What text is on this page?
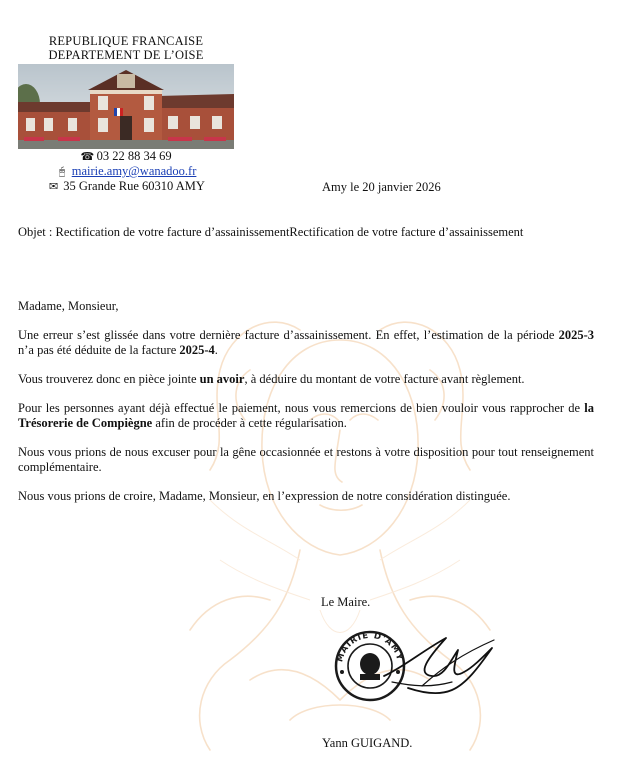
REPUBLIQUE FRANCAISE
DEPARTEMENT DE L’OISE
☎ 03 22 88 34 69
🖰 mairie.amy@wanadoo.fr
✉ 35 Grande Rue 60310 AMY	Amy le 20 janvier 2026
Objet : Rectification de votre facture d’assainissementRectification de votre facture d’assainissement

Madame, Monsieur,

Une erreur s’est glissée dans votre dernière facture d’assainissement. En effet, l’estimation de la période 2025-3 n’a pas été déduite de la facture 2025-4.

Vous trouverez donc en pièce jointe un avoir, à déduire du montant de votre facture avant règlement.

Pour les personnes ayant déjà effectué le paiement, nous vous remercions de bien vouloir vous rapprocher de la Trésorerie de Compiègne afin de procéder à cette régularisation.

Nous vous prions de nous excuser pour la gêne occasionnée et restons à votre disposition pour tout renseignement complémentaire.

Nous vous prions de croire, Madame, Monsieur, en l’expression de notre considération distinguée.

Le Maire.
MAIRIE D'AMY
Yann GUIGAND.
